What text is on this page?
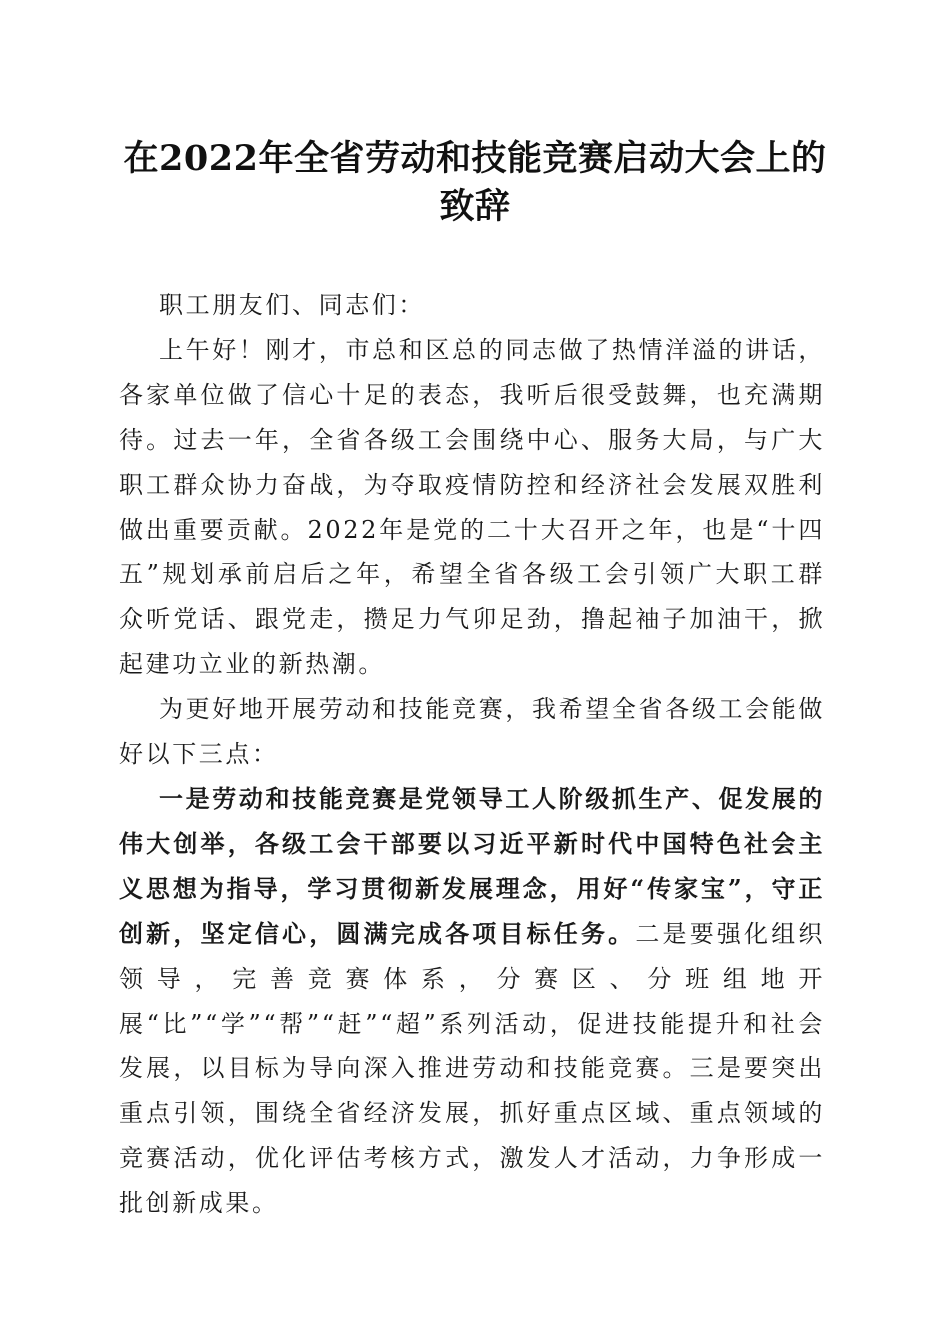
在2022年全省劳动和技能竞赛启动大会上的致辞

职工朋友们、同志们：

上午好！刚才，市总和区总的同志做了热情洋溢的讲话，各家单位做了信心十足的表态，我听后很受鼓舞，也充满期待。过去一年，全省各级工会围绕中心、服务大局，与广大职工群众协力奋战，为夺取疫情防控和经济社会发展双胜利做出重要贡献。2022年是党的二十大召开之年，也是“十四五”规划承前启后之年，希望全省各级工会引领广大职工群众听党话、跟党走，攒足力气卯足劲，撸起袖子加油干，掀起建功立业的新热潮。

为更好地开展劳动和技能竞赛，我希望全省各级工会能做好以下三点：

一是劳动和技能竞赛是党领导工人阶级抓生产、促发展的伟大创举，各级工会干部要以习近平新时代中国特色社会主义思想为指导，学习贯彻新发展理念，用好“传家宝”，守正创新，坚定信心，圆满完成各项目标任务。二是要强化组织领导，完善竞赛体系，分赛区、分班组地开展“比”“学”“帮”“赶”“超”系列活动，促进技能提升和社会发展，以目标为导向深入推进劳动和技能竞赛。三是要突出重点引领，围绕全省经济发展，抓好重点区域、重点领域的竞赛活动，优化评估考核方式，激发人才活动，力争形成一批创新成果。
